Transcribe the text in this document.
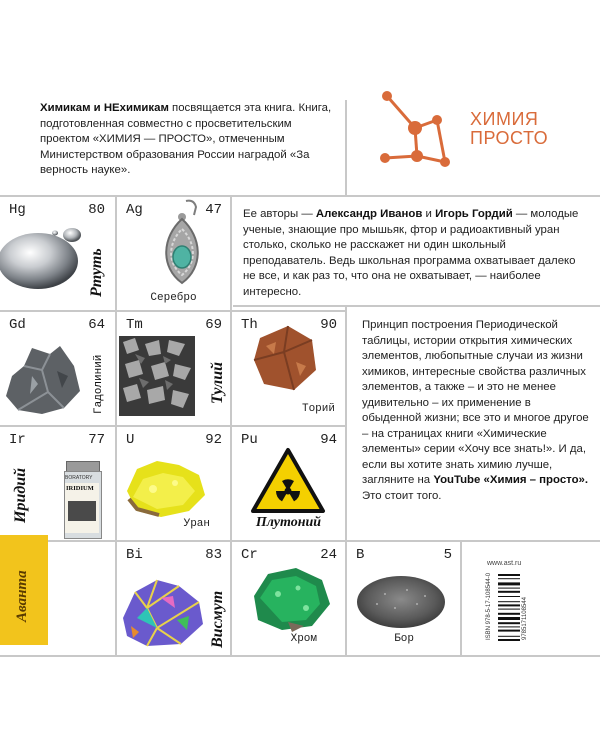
Химикам и НЕхимикам посвящается эта книга. Книга, подготовленная совместно с просветительским проектом «ХИМИЯ — ПРОСТО», отмеченным Министерством образования России наградой «За верность науке».
ХИМИЯ
ПРОСТО
Ее авторы — Александр Иванов и Игорь Гордий — молодые ученые, знающие про мышьяк, фтор и радиоактивный уран столько, сколько не расскажет ни один школьный преподаватель. Ведь школьная программа охватывает далеко не все, и как раз то, что она не охватывает, — наиболее интересно.
Принцип построения Периодической таблицы, истории открытия химических элементов, любопытные случаи из жизни химиков, интересные свойства различных элементов, а также – и это не менее удивительно – их применение в обыденной жизни; все это и многое другое – на страницах книги «Химические элементы» серии «Хочу все знать!». И да, если вы хотите знать химию лучше, загляните на YouTube «Химия – просто».
Это стоит того.
Hg	80
Ртуть
Ag	47
Серебро
Gd	64
Гадолиний
Tm	69
Тулий
Th	90
Торий
Ir	77
Иридий	BORATORY
IRIDIUM
U	92
Уран
Pu	94
Плутоний
Bi	83
Висмут
Cr	24
Хром
B	5
Бор
Аванта
www.ast.ru
ISBN 978-5-17-108544-0	9785171108544
